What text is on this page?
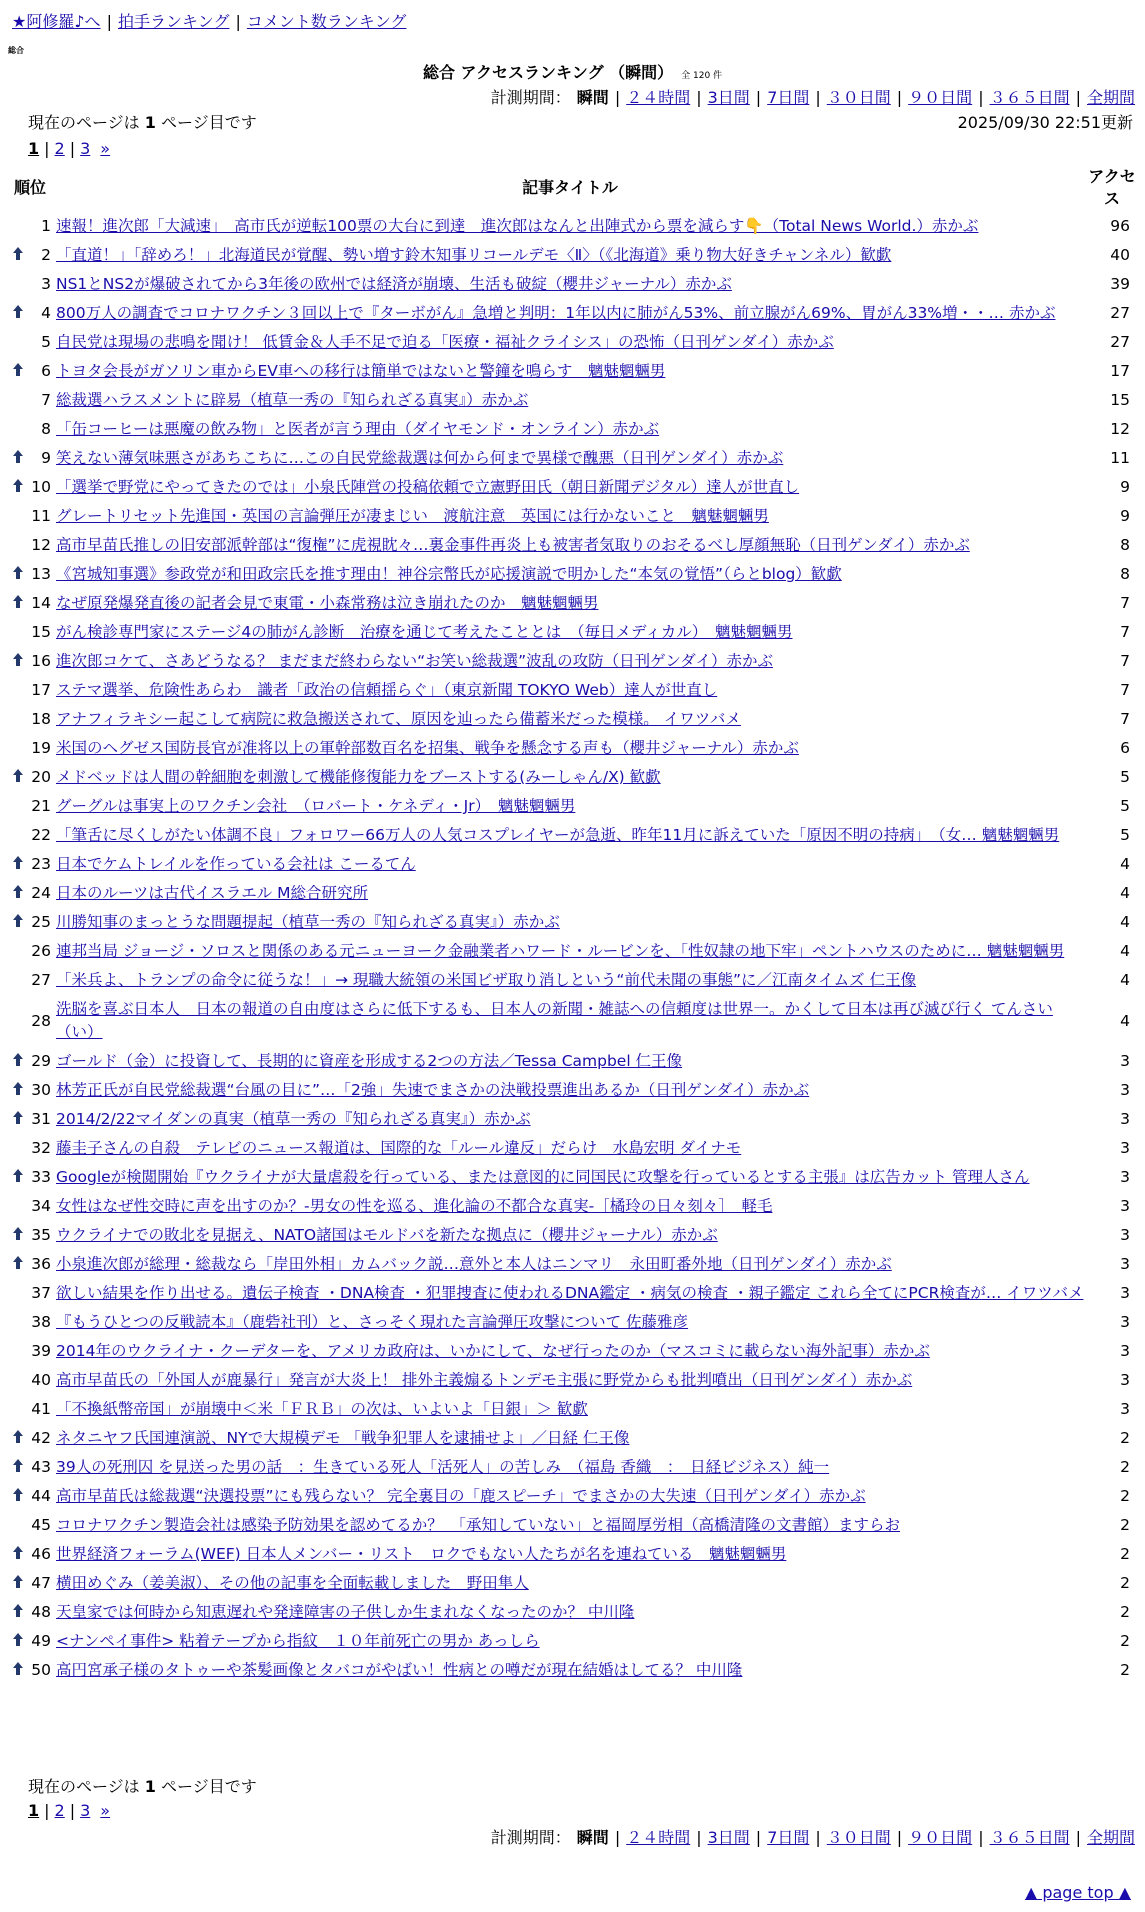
★阿修羅♪へ | 拍手ランキング | コメント数ランキング
総合
総合 アクセスランキング （瞬間） 全 120 件
計測期間： 瞬間 | ２４時間 | 3日間 | 7日間 | ３０日間 | ９０日間 | ３６５日間 | 全期間
現在のページは 1 ページ目です	2025/09/30 22:51更新
1 | 2 | 3 »
順位		記事タイトル	アクセス
	1	速報！進次郎「大減速」　高市氏が逆転100票の大台に到達　進次郎はなんと出陣式から票を減らす👇（Total News World.）赤かぶ	96
	2	「直道！」「辞めろ！」北海道民が覚醒、勢い増す鈴木知事リコールデモ〈Ⅱ〉（《北海道》乗り物大好きチャンネル）歓歔	40
	3	NS1とNS2が爆破されてから3年後の欧州では経済が崩壊、生活も破綻（櫻井ジャーナル）赤かぶ	39
	4	800万人の調査でコロナワクチン３回以上で『ターボがん』急増と判明：1年以内に肺がん53%、前立腺がん69%、胃がん33%増・・… 赤かぶ	27
	5	自民党は現場の悲鳴を聞け！ 低賃金＆人手不足で迫る「医療・福祉クライシス」の恐怖（日刊ゲンダイ）赤かぶ	27
	6	トヨタ会長がガソリン車からEV車への移行は簡単ではないと警鐘を鳴らす　魑魅魍魎男	17
	7	総裁選ハラスメントに辟易（植草一秀の『知られざる真実』）赤かぶ	15
	8	「缶コーヒーは悪魔の飲み物」と医者が言う理由（ダイヤモンド・オンライン）赤かぶ	12
	9	笑えない薄気味悪さがあちこちに…この自民党総裁選は何から何まで異様で醜悪（日刊ゲンダイ）赤かぶ	11
	10	「選挙で野党にやってきたのでは」小泉氏陣営の投稿依頼で立憲野田氏（朝日新聞デジタル）達人が世直し	9
	11	グレートリセット先進国・英国の言論弾圧が凄まじい　渡航注意　英国には行かないこと　魑魅魍魎男	9
	12	高市早苗氏推しの旧安部派幹部は“復権”に虎視眈々…裏金事件再炎上も被害者気取りのおそるべし厚顔無恥（日刊ゲンダイ）赤かぶ	8
	13	《宮城知事選》参政党が和田政宗氏を推す理由！神谷宗幣氏が応援演説で明かした“本気の覚悟”（らとblog）歓歔	8
	14	なぜ原発爆発直後の記者会見で東電・小森常務は泣き崩れたのか　魑魅魍魎男	7
	15	がん検診専門家にステージ4の肺がん診断　治療を通じて考えたこととは　（毎日メディカル）　魑魅魍魎男	7
	16	進次郎コケて、さあどうなる？ まだまだ終わらない“お笑い総裁選”波乱の攻防（日刊ゲンダイ）赤かぶ	7
	17	ステマ選挙、危険性あらわ　識者「政治の信頼揺らぐ」（東京新聞 TOKYO Web）達人が世直し	7
	18	アナフィラキシー起こして病院に救急搬送されて、原因を辿ったら備蓄米だった模様。 イワツバメ	7
	19	米国のヘグゼス国防長官が准将以上の軍幹部数百名を招集、戦争を懸念する声も（櫻井ジャーナル）赤かぶ	6
	20	メドベッドは人間の幹細胞を刺激して機能修復能力をブーストする(みーしゃん/X) 歓歔	5
	21	グーグルは事実上のワクチン会社　（ロバート・ケネディ・Jr）　魑魅魍魎男	5
	22	「筆舌に尽くしがたい体調不良」フォロワー66万人の人気コスプレイヤーが急逝、昨年11月に訴えていた「原因不明の持病」　（女… 魑魅魍魎男	5
	23	日本でケムトレイルを作っている会社は こーるてん	4
	24	日本のルーツは古代イスラエル M総合研究所	4
	25	川勝知事のまっとうな問題提起（植草一秀の『知られざる真実』）赤かぶ	4
	26	連邦当局 ジョージ・ソロスと関係のある元ニューヨーク金融業者ハワード・ルービンを、「性奴隷の地下牢」ペントハウスのために… 魑魅魍魎男	4
	27	「米兵よ、トランプの命令に従うな！」→ 現職大統領の米国ビザ取り消しという“前代未聞の事態”に／江南タイムズ 仁王像	4
	28	洗脳を喜ぶ日本人　日本の報道の自由度はさらに低下するも、日本人の新聞・雑誌への信頼度は世界一。かくして日本は再び滅び行く てんさい（い）	4
	29	ゴールド（金）に投資して、長期的に資産を形成する2つの方法／Tessa Campbel 仁王像	3
	30	林芳正氏が自民党総裁選“台風の目に”…「2強」失速でまさかの決戦投票進出あるか（日刊ゲンダイ）赤かぶ	3
	31	2014/2/22マイダンの真実（植草一秀の『知られざる真実』）赤かぶ	3
	32	藤圭子さんの自殺　テレビのニュース報道は、国際的な「ルール違反」だらけ　水島宏明 ダイナモ	3
	33	Googleが検閲開始『ウクライナが大量虐殺を行っている、または意図的に同国民に攻撃を行っているとする主張』は広告カット 管理人さん	3
	34	女性はなぜ性交時に声を出すのか？-男女の性を巡る、進化論の不都合な真実-［橘玲の日々刻々］　軽毛	3
	35	ウクライナでの敗北を見据え、NATO諸国はモルドバを新たな拠点に（櫻井ジャーナル）赤かぶ	3
	36	小泉進次郎が総理・総裁なら「岸田外相」カムバック説…意外と本人はニンマリ　永田町番外地（日刊ゲンダイ）赤かぶ	3
	37	欲しい結果を作り出せる。遺伝子検査 ・DNA検査 ・犯罪捜査に使われるDNA鑑定 ・病気の検査 ・親子鑑定 これら全てにPCR検査が… イワツバメ	3
	38	『もうひとつの反戦読本』（鹿砦社刊）と、さっそく現れた言論弾圧攻撃について 佐藤雅彦	3
	39	2014年のウクライナ・クーデターを、アメリカ政府は、いかにして、なぜ行ったのか（マスコミに載らない海外記事）赤かぶ	3
	40	高市早苗氏の「外国人が鹿暴行」発言が大炎上！ 排外主義煽るトンデモ主張に野党からも批判噴出（日刊ゲンダイ）赤かぶ	3
	41	「不換紙幣帝国」が崩壊中＜米「ＦＲＢ」の次は、いよいよ「日銀」＞ 歓歔	3
	42	ネタニヤフ氏国連演説、NYで大規模デモ 「戦争犯罪人を逮捕せよ」／日経 仁王像	2
	43	39人の死刑囚 を見送った男の話　：生きている死人「活死人」の苦しみ　（福島 香織　：　日経ビジネス）純一	2
	44	高市早苗氏は総裁選“決選投票”にも残らない？ 完全裏目の「鹿スピーチ」でまさかの大失速（日刊ゲンダイ）赤かぶ	2
	45	コロナワクチン製造会社は感染予防効果を認めてるか？　「承知していない」と福岡厚労相（高橋清隆の文書館）ますらお	2
	46	世界経済フォーラム(WEF) 日本人メンバー・リスト　ロクでもない人たちが名を連ねている　魑魅魍魎男	2
	47	横田めぐみ（姜美淑）、その他の記事を全面転載しました　野田隼人	2
	48	天皇家では何時から知恵遅れや発達障害の子供しか生まれなくなったのか？ 中川隆	2
	49	<ナンペイ事件> 粘着テープから指紋　１０年前死亡の男か あっしら	2
	50	高円宮承子様のタトゥーや茶髪画像とタバコがやばい！性病との噂だが現在結婚はしてる？ 中川隆	2
現在のページは 1 ページ目です
1 | 2 | 3 »
計測期間： 瞬間 | ２４時間 | 3日間 | 7日間 | ３０日間 | ９０日間 | ３６５日間 | 全期間
▲ page top ▲
